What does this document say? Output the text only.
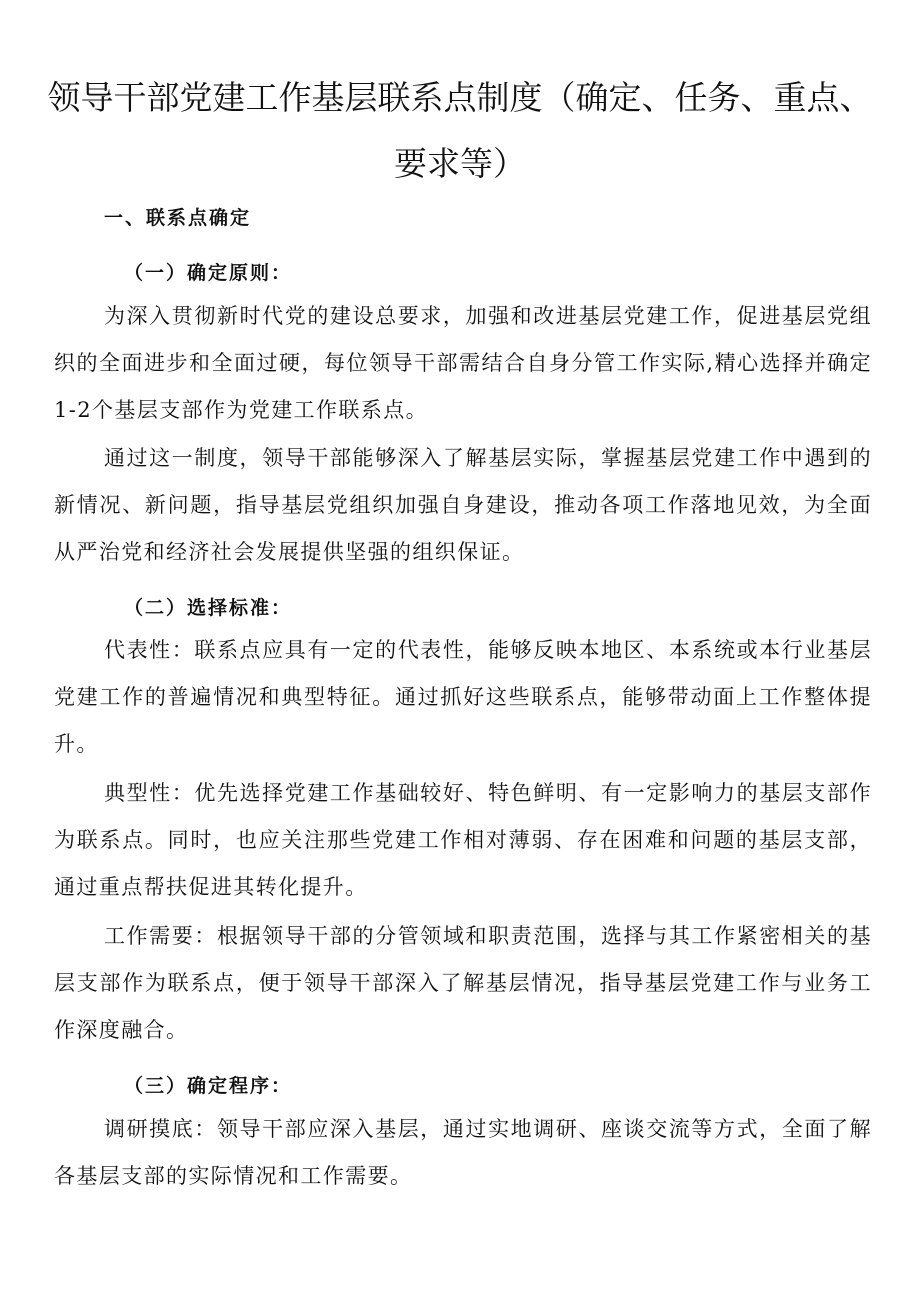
领导干部党建工作基层联系点制度（确定、任务、重点、
要求等）
一、联系点确定
（一）确定原则：

为深入贯彻新时代党的建设总要求，加强和改进基层党建工作，促进基层党组织的全面进步和全面过硬，每位领导干部需结合自身分管工作实际,精心选择并确定1-2个基层支部作为党建工作联系点。

通过这一制度，领导干部能够深入了解基层实际，掌握基层党建工作中遇到的新情况、新问题，指导基层党组织加强自身建设，推动各项工作落地见效，为全面从严治党和经济社会发展提供坚强的组织保证。

（二）选择标准：

代表性：联系点应具有一定的代表性，能够反映本地区、本系统或本行业基层党建工作的普遍情况和典型特征。通过抓好这些联系点，能够带动面上工作整体提升。

典型性：优先选择党建工作基础较好、特色鲜明、有一定影响力的基层支部作为联系点。同时，也应关注那些党建工作相对薄弱、存在困难和问题的基层支部，通过重点帮扶促进其转化提升。

工作需要：根据领导干部的分管领域和职责范围，选择与其工作紧密相关的基层支部作为联系点，便于领导干部深入了解基层情况，指导基层党建工作与业务工作深度融合。

（三）确定程序：

调研摸底：领导干部应深入基层，通过实地调研、座谈交流等方式，全面了解各基层支部的实际情况和工作需要。
